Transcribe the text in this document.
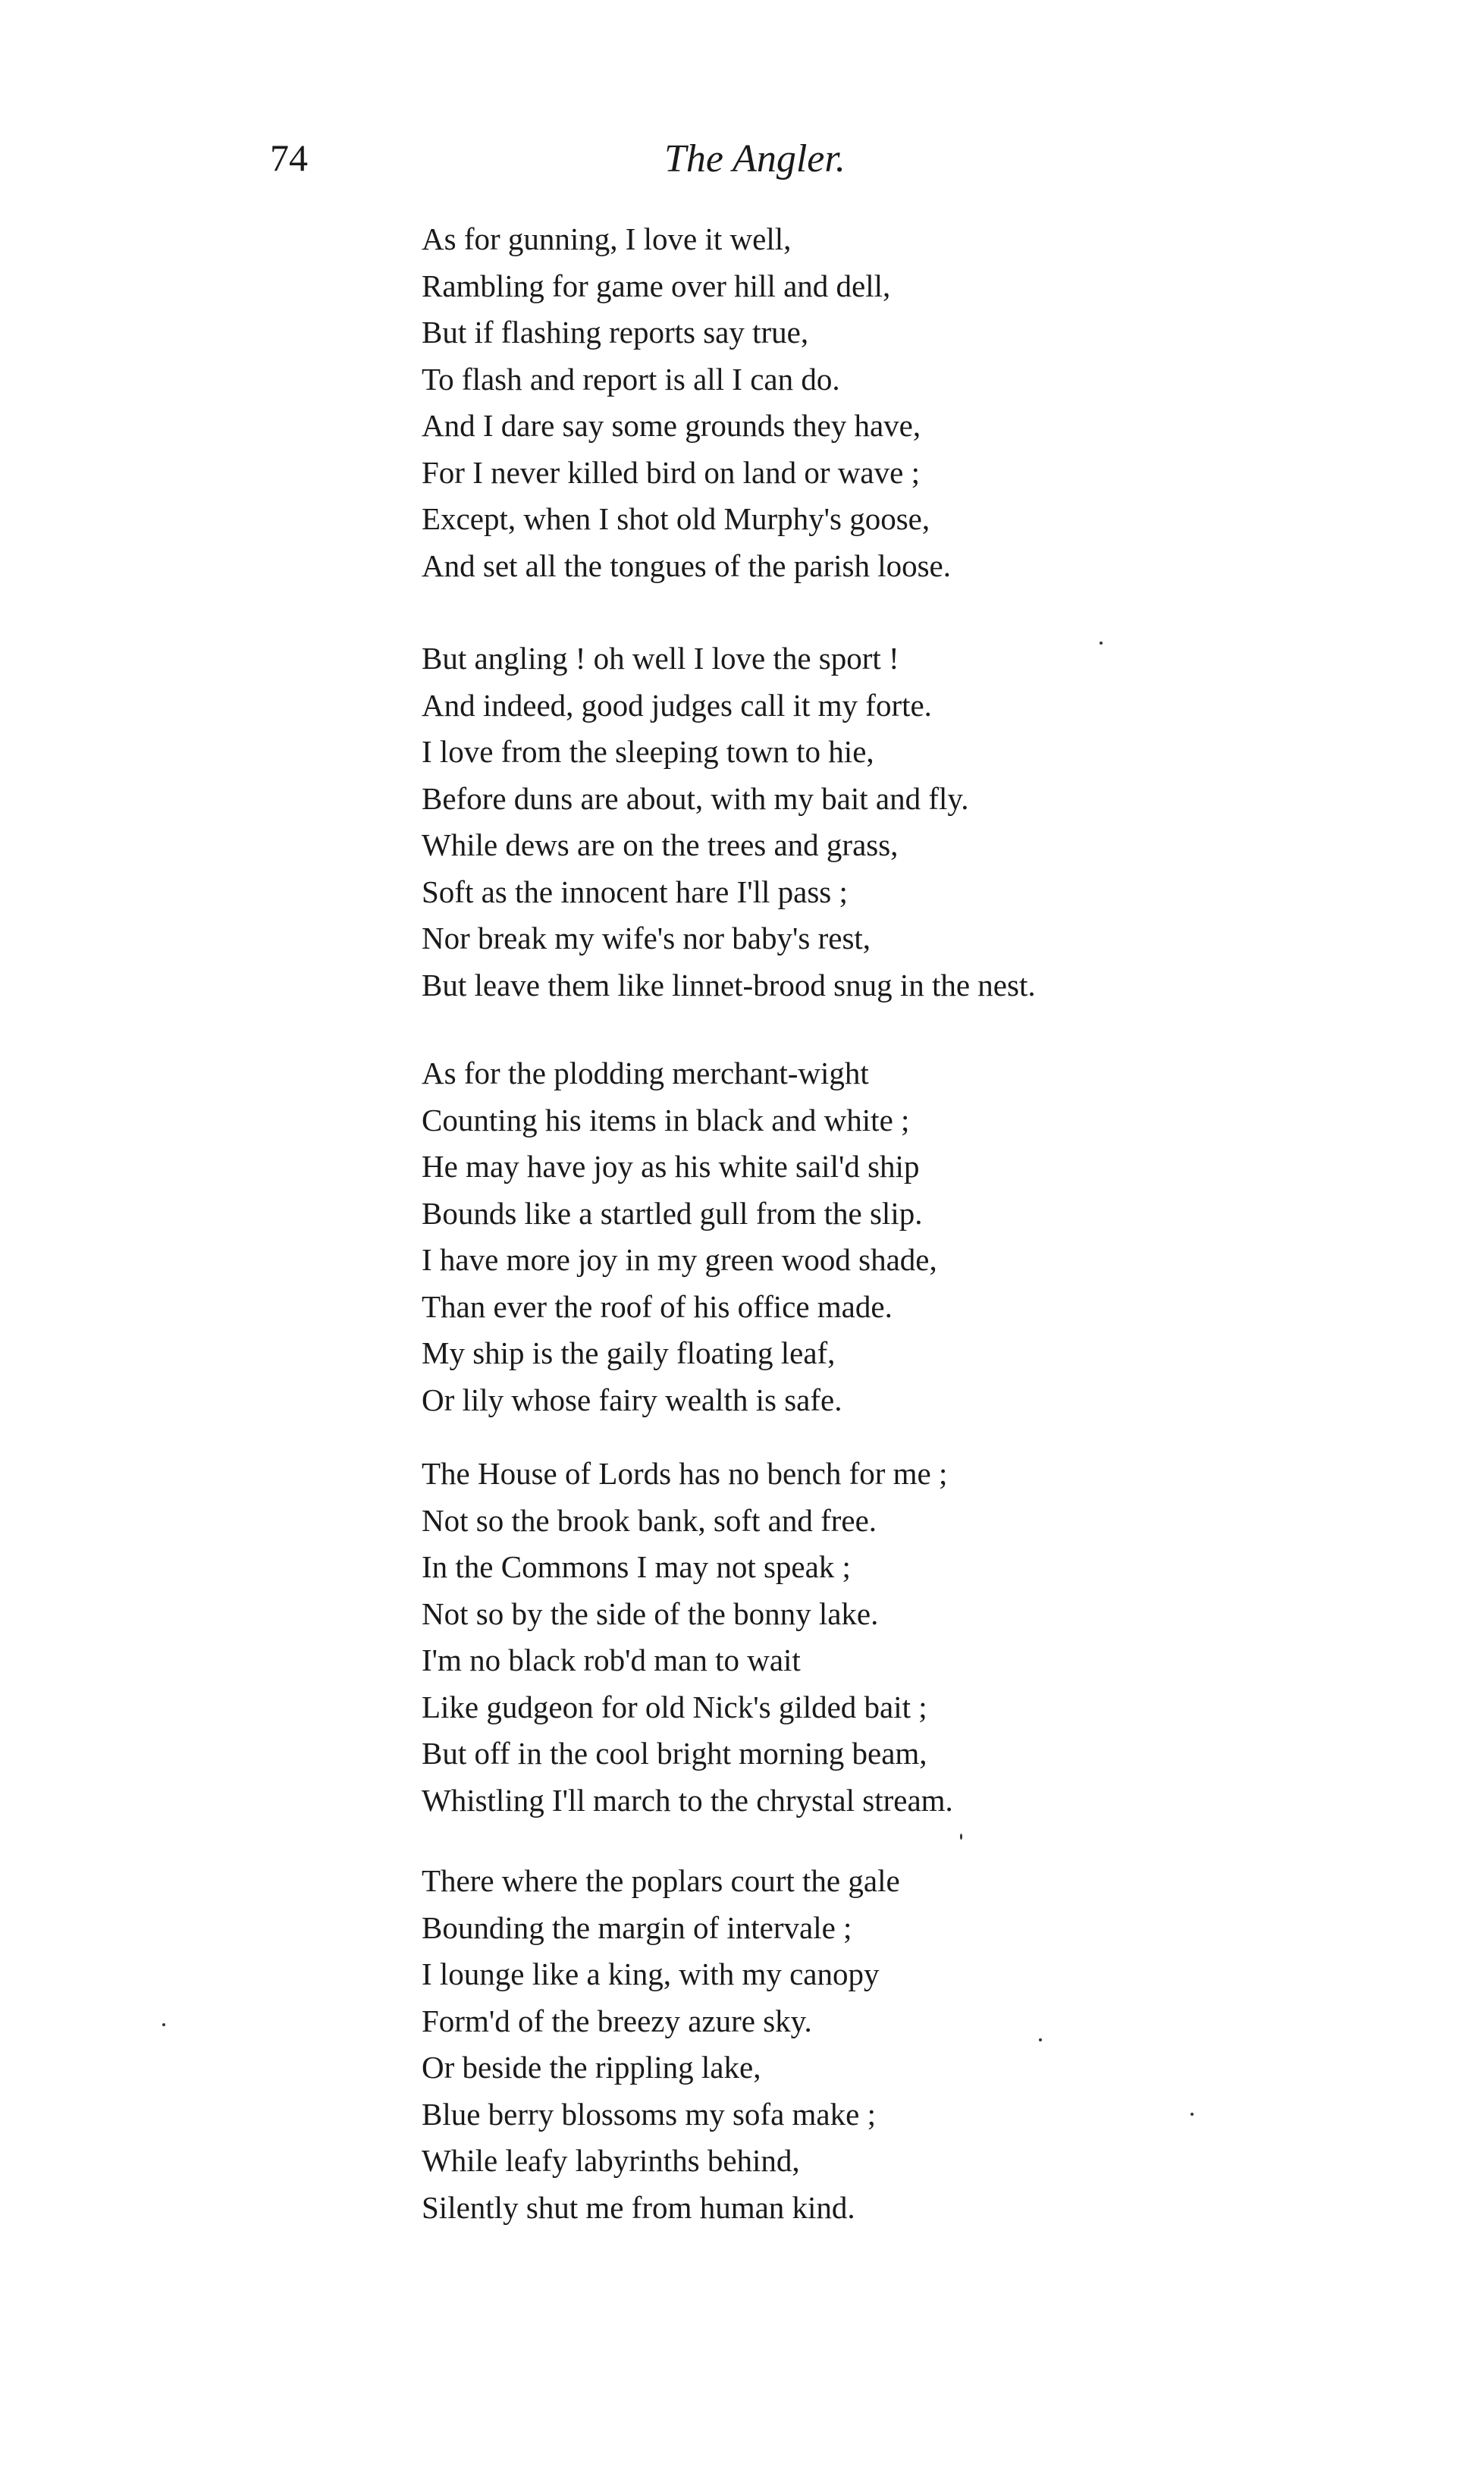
74	The Angler.
As for gunning, I love it well,
Rambling for game over hill and dell,
But if flashing reports say true,
To flash and report is all I can do.
And I dare say some grounds they have,
For I never killed bird on land or wave ;
Except, when I shot old Murphy's goose,
And set all the tongues of the parish loose.
But angling ! oh well I love the sport !
And indeed, good judges call it my forte.
I love from the sleeping town to hie,
Before duns are about, with my bait and fly.
While dews are on the trees and grass,
Soft as the innocent hare I'll pass ;
Nor break my wife's nor baby's rest,
But leave them like linnet-brood snug in the nest.
As for the plodding merchant-wight
Counting his items in black and white ;
He may have joy as his white sail'd ship
Bounds like a startled gull from the slip.
I have more joy in my green wood shade,
Than ever the roof of his office made.
My ship is the gaily floating leaf,
Or lily whose fairy wealth is safe.
The House of Lords has no bench for me ;
Not so the brook bank, soft and free.
In the Commons I may not speak ;
Not so by the side of the bonny lake.
I'm no black rob'd man to wait
Like gudgeon for old Nick's gilded bait ;
But off in the cool bright morning beam,
Whistling I'll march to the chrystal stream.
There where the poplars court the gale
Bounding the margin of intervale ;
I lounge like a king, with my canopy
Form'd of the breezy azure sky.
Or beside the rippling lake,
Blue berry blossoms my sofa make ;
While leafy labyrinths behind,
Silently shut me from human kind.
